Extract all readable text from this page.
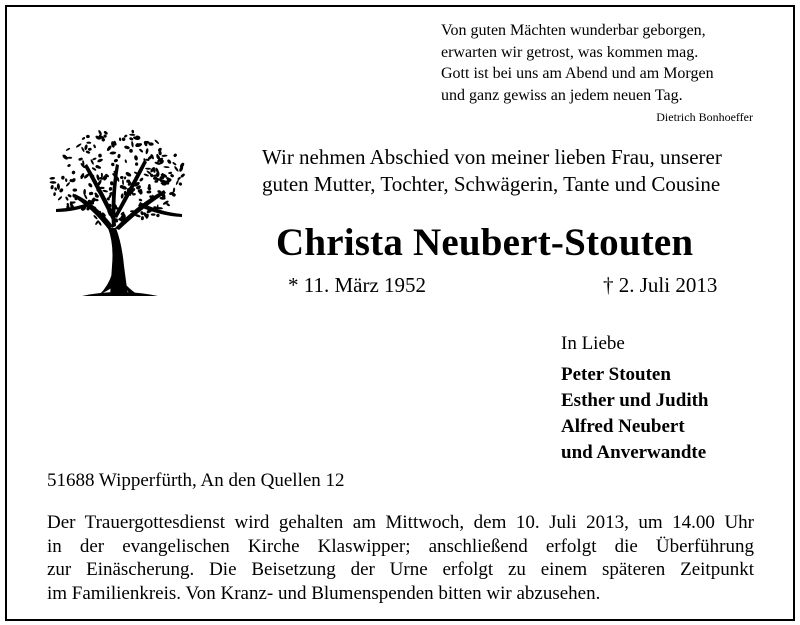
Von guten Mächten wunderbar geborgen,
erwarten wir getrost, was kommen mag.
Gott ist bei uns am Abend und am Morgen
und ganz gewiss an jedem neuen Tag.
Dietrich Bonhoeffer
Wir nehmen Abschied von meiner lieben Frau, unserer
guten Mutter, Tochter, Schwägerin, Tante und Cousine
Christa Neubert-Stouten
* 11. März 1952	† 2. Juli 2013
In Liebe
Peter Stouten
Esther und Judith
Alfred Neubert
und Anverwandte
51688 Wipperfürth, An den Quellen 12
Der Trauergottesdienst wird gehalten am Mittwoch, dem 10. Juli 2013, um 14.00 Uhr
in der evangelischen Kirche Klaswipper; anschließend erfolgt die Überführung
zur Einäscherung. Die Beisetzung der Urne erfolgt zu einem späteren Zeitpunkt
im Familienkreis. Von Kranz- und Blumenspenden bitten wir abzusehen.
